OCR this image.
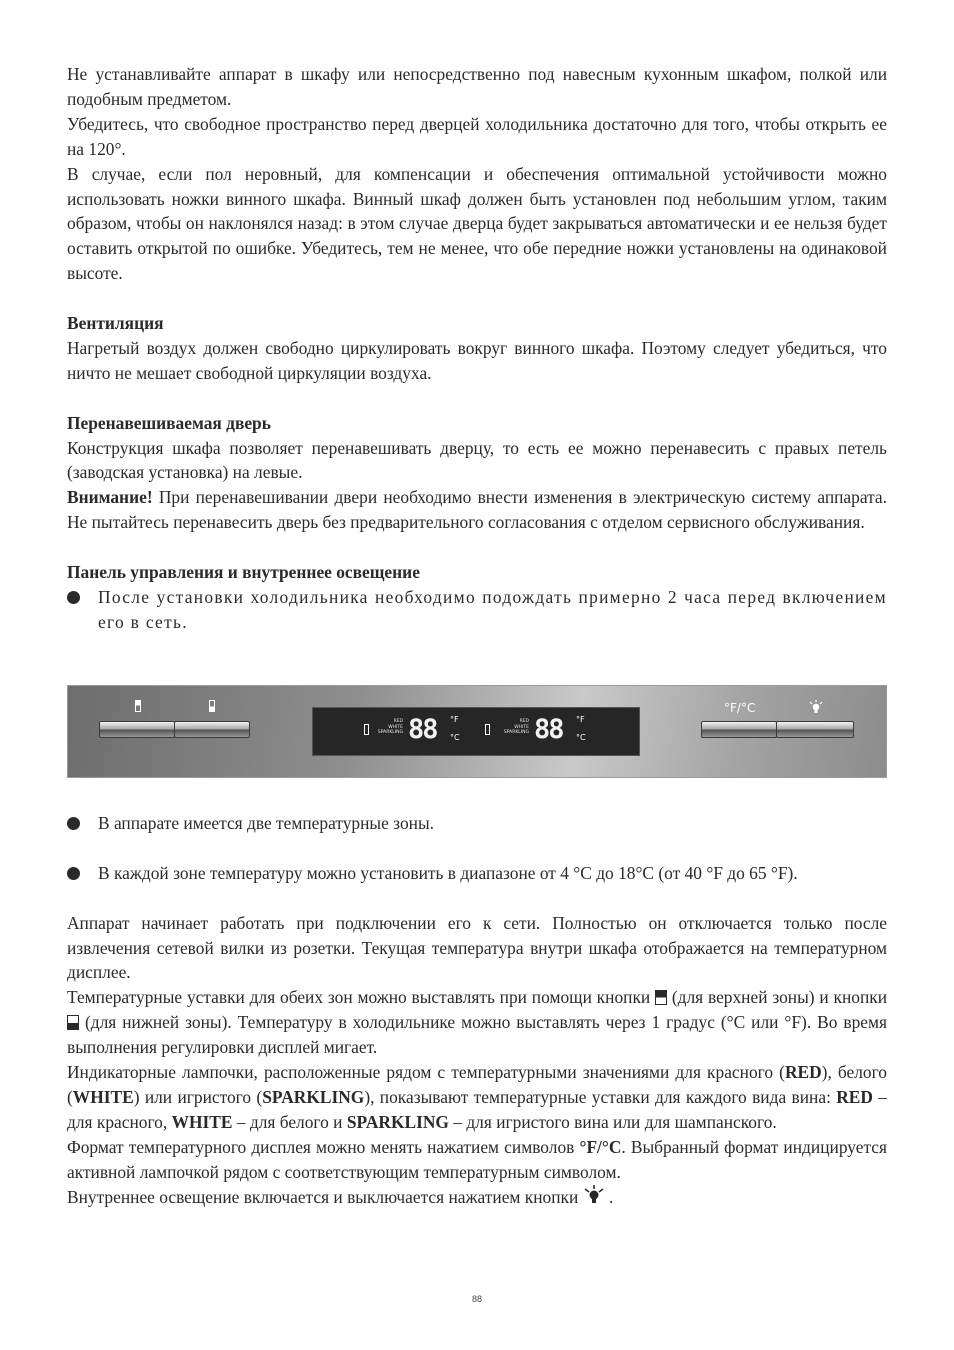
Не устанавливайте аппарат в шкафу или непосредственно под навесным кухонным шкафом, полкой или подобным предметом.

Убедитесь, что свободное пространство перед дверцей холодильника достаточно для того, чтобы открыть ее на 120°.

В случае, если пол неровный, для компенсации и обеспечения оптимальной устойчивости можно использовать ножки винного шкафа. Винный шкаф должен быть установлен под небольшим углом, таким образом, чтобы он наклонялся назад: в этом случае дверца будет закрываться автоматически и ее нельзя будет оставить открытой по ошибке. Убедитесь, тем не менее, что обе передние ножки установлены на одинаковой высоте.

Вентиляция

Нагретый воздух должен свободно циркулировать вокруг винного шкафа. Поэтому следует убедиться, что ничто не мешает свободной циркуляции воздуха.

Перенавешиваемая дверь

Конструкция шкафа позволяет перенавешивать дверцу, то есть ее можно перенавесить с правых петель (заводская установка) на левые.

Внимание! При перенавешивании двери необходимо внести изменения в электрическую систему аппарата. Не пытайтесь перенавесить дверь без предварительного согласования с отделом сервисного обслуживания.

Панель управления и внутреннее освещение

После установки холодильника необходимо подождать примерно 2 часа перед включением его в сеть.

RED
WHITE
SPARKLING 88 °F
°C
RED
WHITE
SPARKLING 88 °F
°C
°F/°C

В аппарате имеется две температурные зоны.

В каждой зоне температуру можно установить в диапазоне от 4 °C до 18°C (от 40 °F до 65 °F).

Аппарат начинает работать при подключении его к сети. Полностью он отключается только после извлечения сетевой вилки из розетки. Текущая температура внутри шкафа отображается на температурном дисплее.

Температурные уставки для обеих зон можно выставлять при помощи кнопки  (для верхней зоны) и кнопки  (для нижней зоны). Температуру в холодильнике можно выставлять через 1 градус (°C или °F). Во время выполнения регулировки дисплей мигает.

Индикаторные лампочки, расположенные рядом с температурными значениями для красного (RED), белого (WHITE) или игристого (SPARKLING), показывают температурные уставки для каждого вида вина: RED – для красного, WHITE – для белого и SPARKLING – для игристого вина или для шампанского.

Формат температурного дисплея можно менять нажатием символов °F/°C. Выбранный формат индицируется активной лампочкой рядом с соответствующим температурным символом.

Внутреннее освещение включается и выключается нажатием кнопки  .

88
